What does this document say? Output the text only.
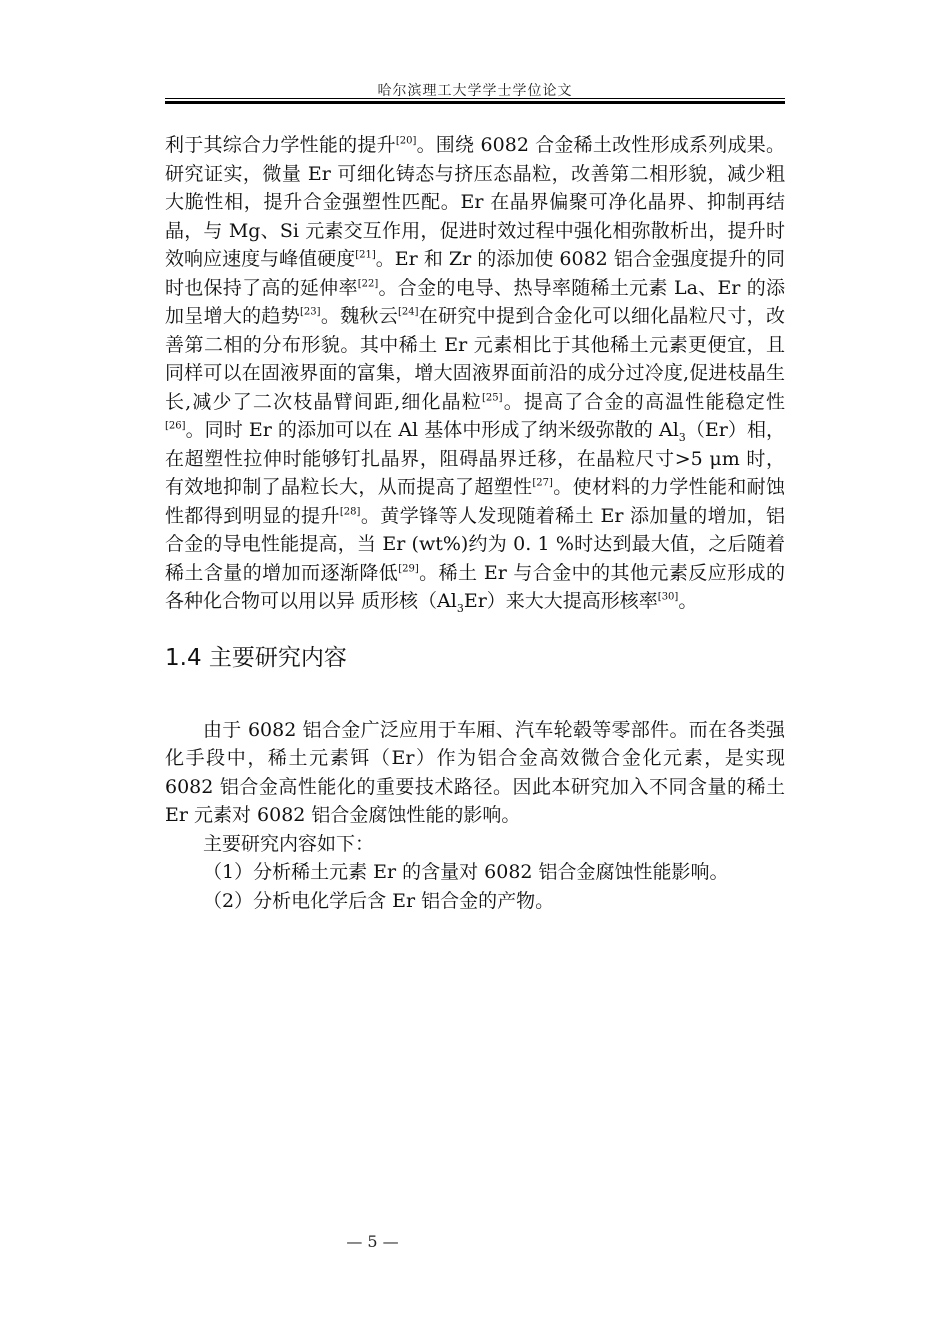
哈尔滨理工大学学士学位论文

利于其综合力学性能的提升[20]。围绕 6082 合金稀土改性形成系列成果。研究证实，微量 Er 可细化铸态与挤压态晶粒，改善第二相形貌，减少粗大脆性相，提升合金强塑性匹配。Er 在晶界偏聚可净化晶界、抑制再结晶，与 Mg、Si 元素交互作用，促进时效过程中强化相弥散析出，提升时效响应速度与峰值硬度[21]。Er 和 Zr 的添加使 6082 铝合金强度提升的同时也保持了高的延伸率[22]。合金的电导、热导率随稀土元素 La、Er 的添加呈增大的趋势[23]。魏秋云[24]在研究中提到合金化可以细化晶粒尺寸，改善第二相的分布形貌。其中稀土 Er 元素相比于其他稀土元素更便宜，且同样可以在固液界面的富集，增大固液界面前沿的成分过冷度,促进枝晶生长,减少了二次枝晶臂间距,细化晶粒[25]。提高了合金的高温性能稳定性[26]。同时 Er 的添加可以在 Al 基体中形成了纳米级弥散的 $Al_3(Er)$相，在超塑性拉伸时能够钉扎晶界，阻碍晶界迁移，在晶粒尺寸>5 μm 时，有效地抑制了晶粒长大，从而提高了超塑性[27]。使材料的力学性能和耐蚀性都得到明显的提升[28]。黄学锋等人发现随着稀土 Er 添加量的增加，铝合金的导电性能提高，当 Er (wt%)约为 0. 1 %时达到最大值，之后随着稀土含量的增加而逐渐降低[29]。稀土 Er 与合金中的其他元素反应形成的各种化合物可以用以异 质形核$(Al_3Er)$来大大提高形核率[30]。

1.4 主要研究内容

由于 6082 铝合金广泛应用于车厢、汽车轮毂等零部件。而在各类强化手段中，稀土元素铒（Er）作为铝合金高效微合金化元素，是实现 6082 铝合金高性能化的重要技术路径。因此本研究加入不同含量的稀土 Er 元素对 6082 铝合金腐蚀性能的影响。

主要研究内容如下：

（1）分析稀土元素 Er 的含量对 6082 铝合金腐蚀性能影响。

（2）分析电化学后含 Er 铝合金的产物。

— 5 —
